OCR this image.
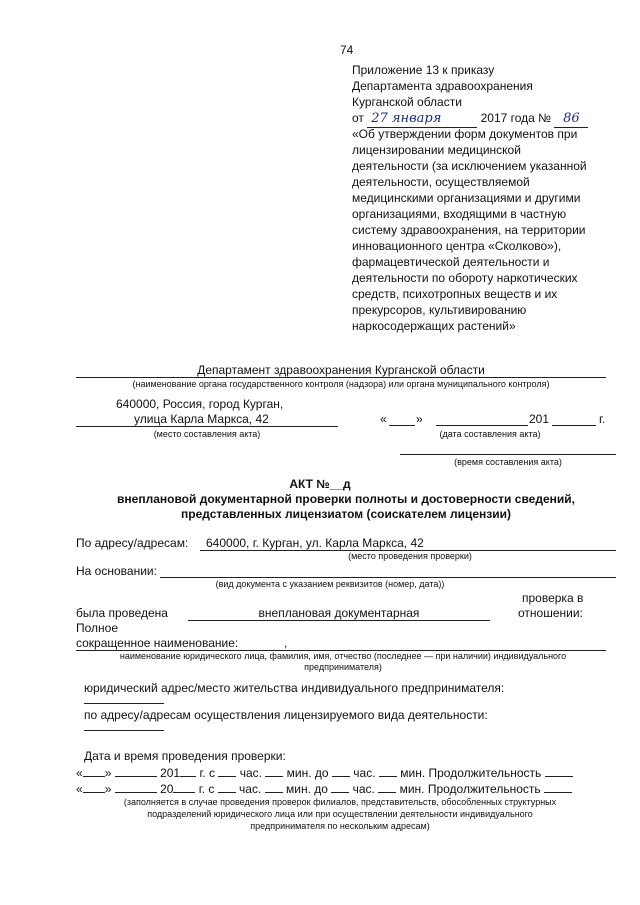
74
Приложение 13 к приказу
Департамента здравоохранения
Курганской области
от 27 января	2017 года № 86
«Об утверждении форм документов при
лицензировании медицинской
деятельности (за исключением указанной
деятельности, осуществляемой
медицинскими организациями и другими
организациями, входящими в частную
систему здравоохранения, на территории
инновационного центра «Сколково»),
фармацевтической деятельности и
деятельности по обороту наркотических
средств, психотропных веществ и их
прекурсоров, культивированию
наркосодержащих растений»
Департамент здравоохранения Курганской области
(наименование органа государственного контроля (надзора) или органа муниципального контроля)
640000, Россия, город Курган,
улица Карла Маркса, 42
(место составления акта)
« »	201	г.
(дата составления акта)
(время составления акта)
АКТ №__д
внеплановой документарной проверки полноты и достоверности сведений,
представленных лицензиатом (соискателем лицензии)
По адресу/адресам: 640000, г. Курган, ул. Карла Маркса, 42
(место проведения проверки)
На основании:
(вид документа с указанием реквизитов (номер, дата))
проверка в
была проведена	внеплановая документарная	отношении:
Полное
сокращенное наименование:	,
наименование юридического лица, фамилия, имя, отчество (последнее — при наличии) индивидуального
предпринимателя)
юридический адрес/место жительства индивидуального предпринимателя:
по адресу/адресам осуществления лицензируемого вида деятельности:
Дата и время проведения проверки:
« »	201 г. с час. мин. до час. мин. Продолжительность
« »	20 г. с час. мин. до час. мин. Продолжительность
(заполняется в случае проведения проверок филиалов, представительств, обособленных структурных
подразделений юридического лица или при осуществлении деятельности индивидуального
предпринимателя по нескольким адресам)
